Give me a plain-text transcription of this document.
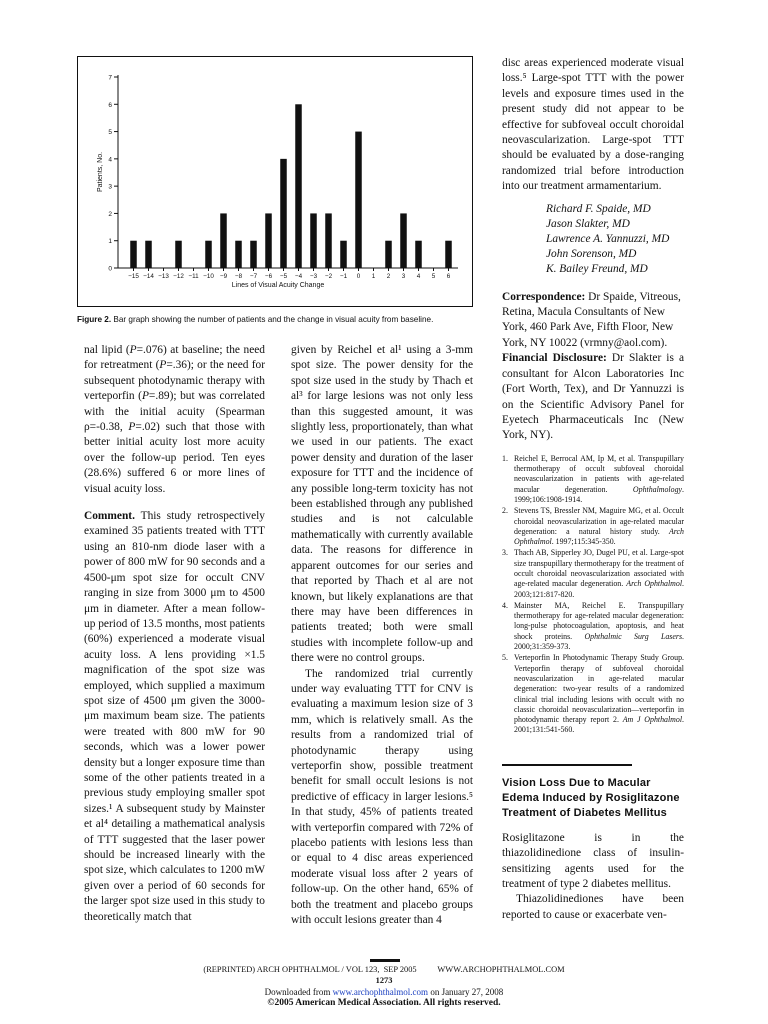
0
1
2
3
4
5
6
7
−15 −14 −13 −12 −11 −10 −9 −8 −7 −6 −5 −4 −3 −2 −1 0 1 2 3 4 5 6
Lines of Visual Acuity Change
Patients, No.
Figure 2. Bar graph showing the number of patients and the change in visual acuity from baseline.

nal lipid (P=.076) at baseline; the need for retreatment (P=.36); or the need for subsequent photodynamic therapy with verteporfin (P=.89); but was correlated with the initial acuity (Spearman ρ=-0.38, P=.02) such that those with better initial acuity lost more acuity over the follow-up period. Ten eyes (28.6%) suffered 6 or more lines of visual acuity loss.

Comment. This study retrospectively examined 35 patients treated with TTT using an 810-nm diode laser with a power of 800 mW for 90 seconds and a 4500-μm spot size for occult CNV ranging in size from 3000 μm to 4500 μm in diameter. After a mean follow-up period of 13.5 months, most patients (60%) experienced a moderate visual acuity loss. A lens providing ×1.5 magnification of the spot size was employed, which supplied a maximum spot size of 4500 μm given the 3000-μm maximum beam size. The patients were treated with 800 mW for 90 seconds, which was a lower power density but a longer exposure time than some of the other patients treated in a previous study employing smaller spot sizes.¹ A subsequent study by Mainster et al⁴ detailing a mathematical analysis of TTT suggested that the laser power should be increased linearly with the spot size, which calculates to 1200 mW given over a period of 60 seconds for the larger spot size used in this study to theoretically match that

given by Reichel et al¹ using a 3-mm spot size. The power density for the spot size used in the study by Thach et al³ for large lesions was not only less than this suggested amount, it was slightly less, proportionately, than what we used in our patients. The exact power density and duration of the laser exposure for TTT and the incidence of any possible long-term toxicity has not been established through any published studies and is not calculable mathematically with currently available data. The reasons for difference in apparent outcomes for our series and that reported by Thach et al are not known, but likely explanations are that there may have been differences in patients treated; both were small studies with incomplete follow-up and there were no control groups.

The randomized trial currently under way evaluating TTT for CNV is evaluating a maximum lesion size of 3 mm, which is relatively small. As the results from a randomized trial of photodynamic therapy using verteporfin show, possible treatment benefit for small occult lesions is not predictive of efficacy in larger lesions.⁵ In that study, 45% of patients treated with verteporfin compared with 72% of placebo patients with lesions less than or equal to 4 disc areas experienced moderate visual loss after 2 years of follow-up. On the other hand, 65% of both the treatment and placebo groups with occult lesions greater than 4

disc areas experienced moderate visual loss.⁵ Large-spot TTT with the power levels and exposure times used in the present study did not appear to be effective for subfoveal occult choroidal neovascularization. Large-spot TTT should be evaluated by a dose-ranging randomized trial before introduction into our treatment armamentarium.
Richard F. Spaide, MD
Jason Slakter, MD
Lawrence A. Yannuzzi, MD
John Sorenson, MD
K. Bailey Freund, MD
Correspondence: Dr Spaide, Vitreous, Retina, Macula Consultants of New York, 460 Park Ave, Fifth Floor, New York, NY 10022 (vrmny@aol.com).
Financial Disclosure: Dr Slakter is a consultant for Alcon Laboratories Inc (Fort Worth, Tex), and Dr Yannuzzi is on the Scientific Advisory Panel for Eyetech Pharmaceuticals Inc (New York, NY).
1. Reichel E, Berrocal AM, Ip M, et al. Transpupillary thermotherapy of occult subfoveal choroidal neovascularization in patients with age-related macular degeneration. Ophthalmology. 1999;106:1908-1914.
2. Stevens TS, Bressler NM, Maguire MG, et al. Occult choroidal neovascularization in age-related macular degeneration: a natural history study. Arch Ophthalmol. 1997;115:345-350.
3. Thach AB, Sipperley JO, Dugel PU, et al. Large-spot size transpupillary thermotherapy for the treatment of occult choroidal neovascularization associated with age-related macular degeneration. Arch Ophthalmol. 2003;121:817-820.
4. Mainster MA, Reichel E. Transpupillary thermotherapy for age-related macular degeneration: long-pulse photocoagulation, apoptosis, and heat shock proteins. Ophthalmic Surg Lasers. 2000;31:359-373.
5. Verteporfin In Photodynamic Therapy Study Group. Verteporfin therapy of subfoveal choroidal neovascularization in age-related macular degeneration: two-year results of a randomized clinical trial including lesions with occult with no classic choroidal neovascularization—verteporfin in photodynamic therapy report 2. Am J Ophthalmol. 2001;131:541-560.
Vision Loss Due to Macular Edema Induced by Rosiglitazone Treatment of Diabetes Mellitus
Rosiglitazone is in the thiazolidinedione class of insulin-sensitizing agents used for the treatment of type 2 diabetes mellitus.
Thiazolidinediones have been reported to cause or exacerbate ven-
(REPRINTED) ARCH OPHTHALMOL / VOL 123,  SEP 2005          WWW.ARCHOPHTHALMOL.COM
1273
Downloaded from www.archophthalmol.com on January 27, 2008
©2005 American Medical Association. All rights reserved.
